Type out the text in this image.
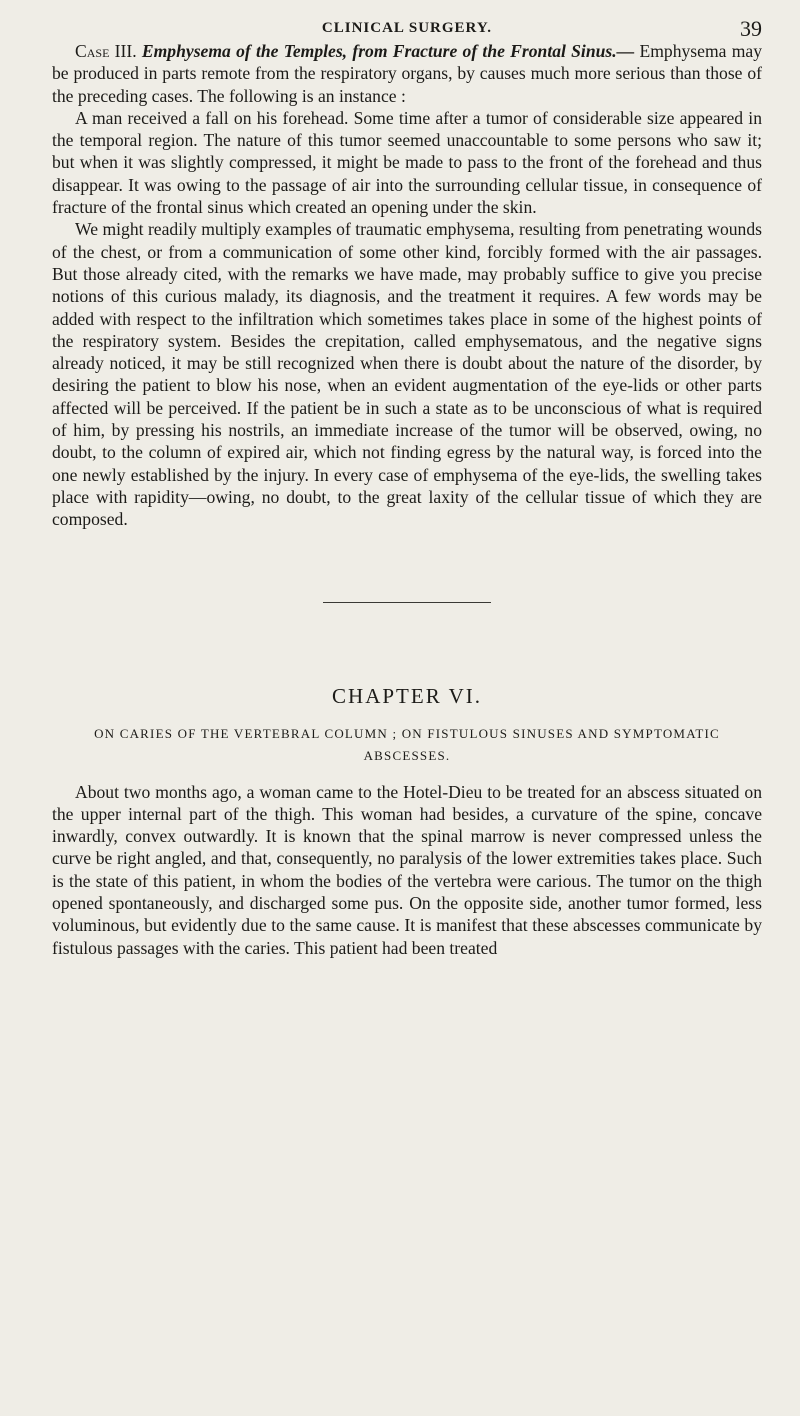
CLINICAL SURGERY.	39

Case III. Emphysema of the Temples, from Fracture of the Frontal Sinus.— Emphysema may be produced in parts remote from the respiratory organs, by causes much more serious than those of the preceding cases. The following is an instance :

A man received a fall on his forehead. Some time after a tumor of considerable size appeared in the temporal region. The nature of this tumor seemed unaccountable to some persons who saw it; but when it was slightly compressed, it might be made to pass to the front of the forehead and thus disappear. It was owing to the passage of air into the surrounding cellular tissue, in consequence of fracture of the frontal sinus which created an opening under the skin.

We might readily multiply examples of traumatic emphysema, resulting from penetrating wounds of the chest, or from a communication of some other kind, forcibly formed with the air passages. But those already cited, with the remarks we have made, may probably suffice to give you precise notions of this curious malady, its diagnosis, and the treatment it requires. A few words may be added with respect to the infiltration which sometimes takes place in some of the highest points of the respiratory system. Besides the crepitation, called emphysematous, and the negative signs already noticed, it may be still recognized when there is doubt about the nature of the disorder, by desiring the patient to blow his nose, when an evident augmentation of the eye-lids or other parts affected will be perceived. If the patient be in such a state as to be unconscious of what is required of him, by pressing his nostrils, an immediate increase of the tumor will be observed, owing, no doubt, to the column of expired air, which not finding egress by the natural way, is forced into the one newly established by the injury. In every case of emphysema of the eye-lids, the swelling takes place with rapidity—owing, no doubt, to the great laxity of the cellular tissue of which they are composed.

CHAPTER VI.
ON CARIES OF THE VERTEBRAL COLUMN ; ON FISTULOUS SINUSES AND SYMPTOMATIC ABSCESSES.

About two months ago, a woman came to the Hotel-Dieu to be treated for an abscess situated on the upper internal part of the thigh. This woman had besides, a curvature of the spine, concave inwardly, convex outwardly. It is known that the spinal marrow is never compressed unless the curve be right angled, and that, consequently, no paralysis of the lower extremities takes place. Such is the state of this patient, in whom the bodies of the vertebra were carious. The tumor on the thigh opened spontaneously, and discharged some pus. On the opposite side, another tumor formed, less voluminous, but evidently due to the same cause. It is manifest that these abscesses communicate by fistulous passages with the caries. This patient had been treated
